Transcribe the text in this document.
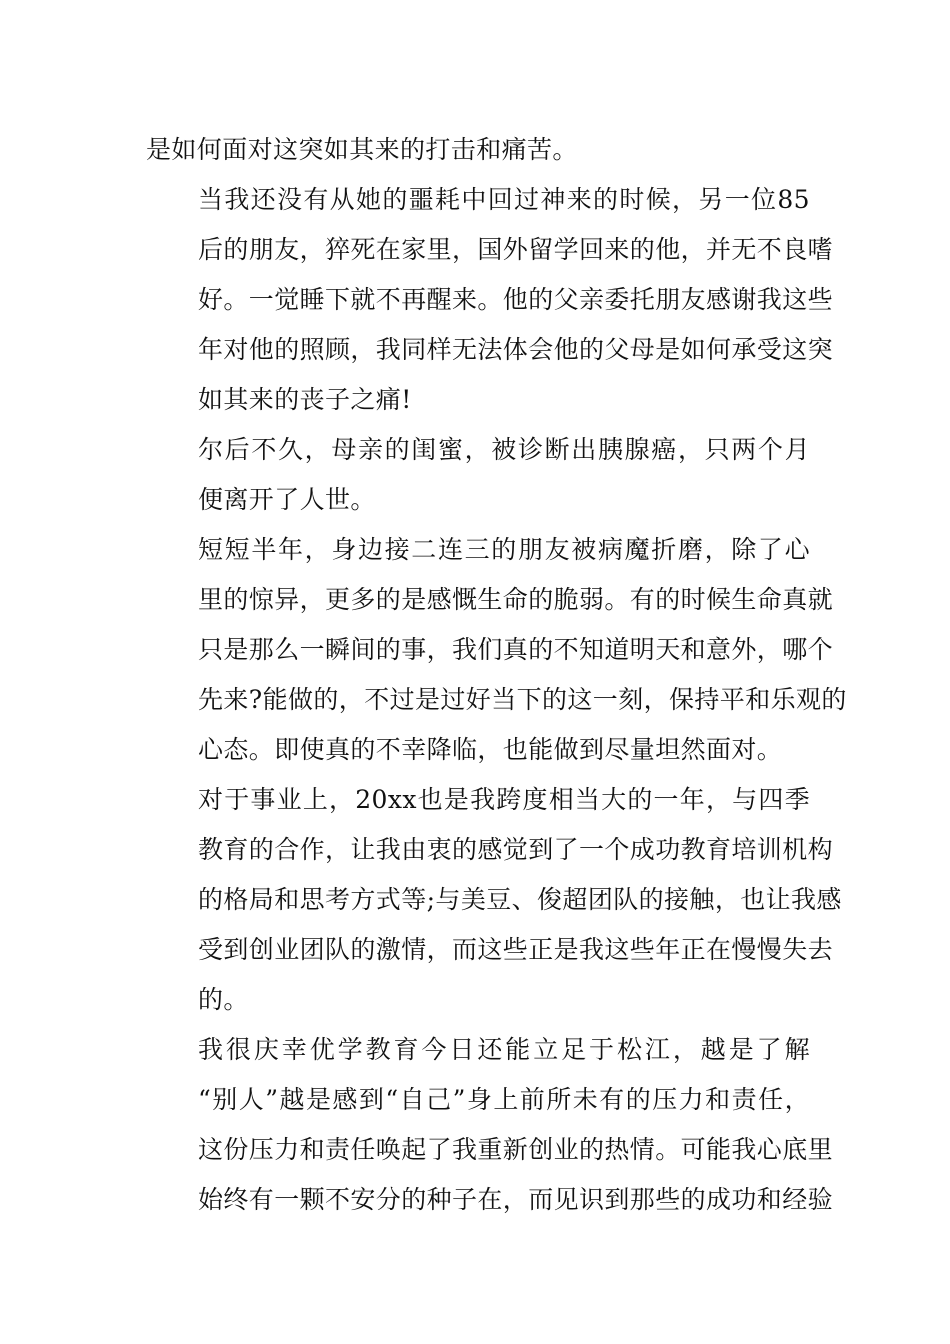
是如何面对这突如其来的打击和痛苦。
当我还没有从她的噩耗中回过神来的时候，另一位85
后的朋友，猝死在家里，国外留学回来的他，并无不良嗜
好。一觉睡下就不再醒来。他的父亲委托朋友感谢我这些
年对他的照顾，我同样无法体会他的父母是如何承受这突
如其来的丧子之痛!
尔后不久，母亲的闺蜜，被诊断出胰腺癌，只两个月
便离开了人世。
短短半年，身边接二连三的朋友被病魔折磨，除了心
里的惊异，更多的是感慨生命的脆弱。有的时候生命真就
只是那么一瞬间的事，我们真的不知道明天和意外，哪个
先来?能做的，不过是过好当下的这一刻，保持平和乐观的
心态。即使真的不幸降临，也能做到尽量坦然面对。
对于事业上，20xx也是我跨度相当大的一年，与四季
教育的合作，让我由衷的感觉到了一个成功教育培训机构
的格局和思考方式等;与美豆、俊超团队的接触，也让我感
受到创业团队的激情，而这些正是我这些年正在慢慢失去
的。
我很庆幸优学教育今日还能立足于松江，越是了解
“别人”越是感到“自己”身上前所未有的压力和责任，
这份压力和责任唤起了我重新创业的热情。可能我心底里
始终有一颗不安分的种子在，而见识到那些的成功和经验
